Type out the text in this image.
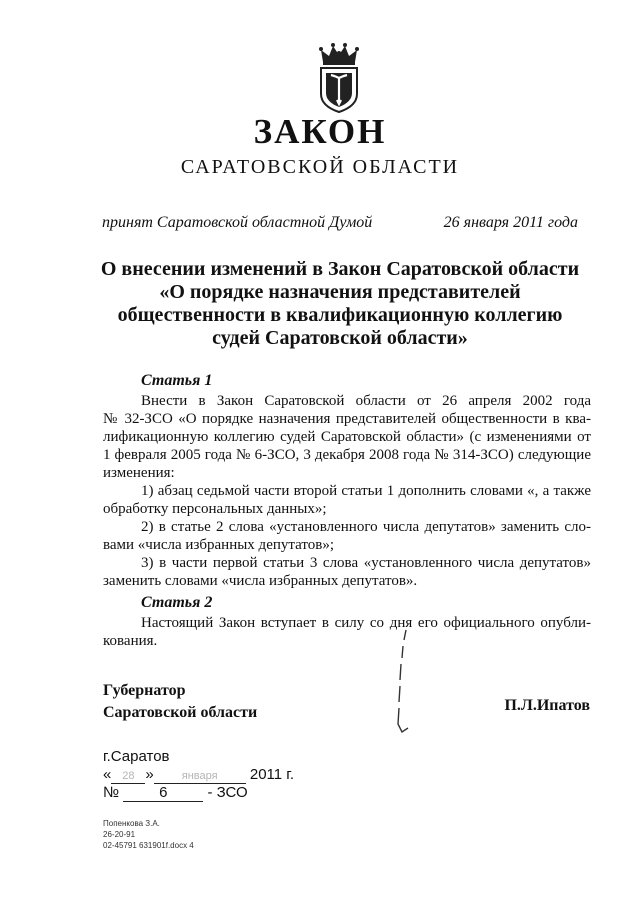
ЗАКОН
САРАТОВСКОЙ ОБЛАСТИ
принят Саратовской областной Думой	26 января 2011 года
О внесении изменений в Закон Саратовской области
«О порядке назначения представителей
общественности в квалификационную коллегию
судей Саратовской области»
Статья 1
Внести в Закон Саратовской области от 26 апреля 2002 года
№ 32-ЗСО «О порядке назначения представителей общественности в ква-
лификационную коллегию судей Саратовской области» (с изменениями от
1 февраля 2005 года № 6-ЗСО, 3 декабря 2008 года № 314-ЗСО) следующие
изменения:
1) абзац седьмой части второй статьи 1 дополнить словами «, а также
обработку персональных данных»;
2) в статье 2 слова «установленного числа депутатов» заменить сло-
вами «числа избранных депутатов»;
3) в части первой статьи 3 слова «установленного числа депутатов»
заменить словами «числа избранных депутатов».
Статья 2
Настоящий Закон вступает в силу со дня его официального опубли-
кования.
Губернатор
Саратовской области	П.Л.Ипатов
г.Саратов
« 28 »	января 2011 г.
№	6	- ЗСО
Попенкова З.А.
26-20-91
02-45791 631901f.docx 4
